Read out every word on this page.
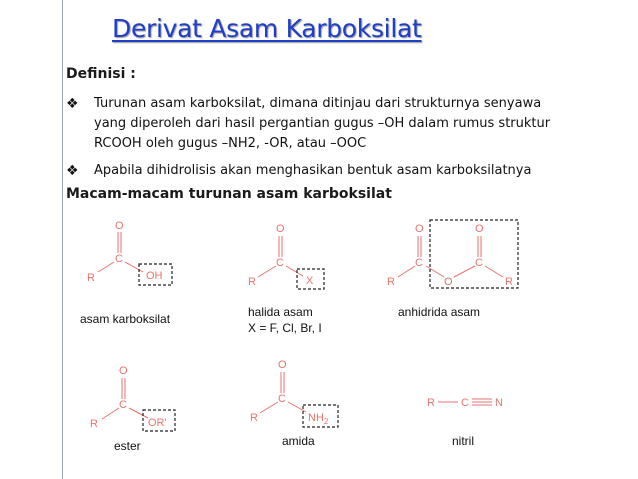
Derivat Asam Karboksilat
Definisi :
❖ Turunan asam karboksilat, dimana ditinjau dari strukturnya senyawa
yang diperoleh dari hasil pergantian gugus –OH dalam rumus struktur
RCOOH oleh gugus –NH2, -OR, atau –OOC
❖ Apabila dihidrolisis akan menghasikan bentuk asam karboksilatnya
Macam-macam turunan asam karboksilat
O
C
R	OH
O
C
R	X
O	O
C	C
R	O	R
O
C
R	OR'
O
C
R	$NH_2$
R C N
asam karboksilat	halida asam
X = F, Cl, Br, I
anhidrida asam
ester	amida	nitril
